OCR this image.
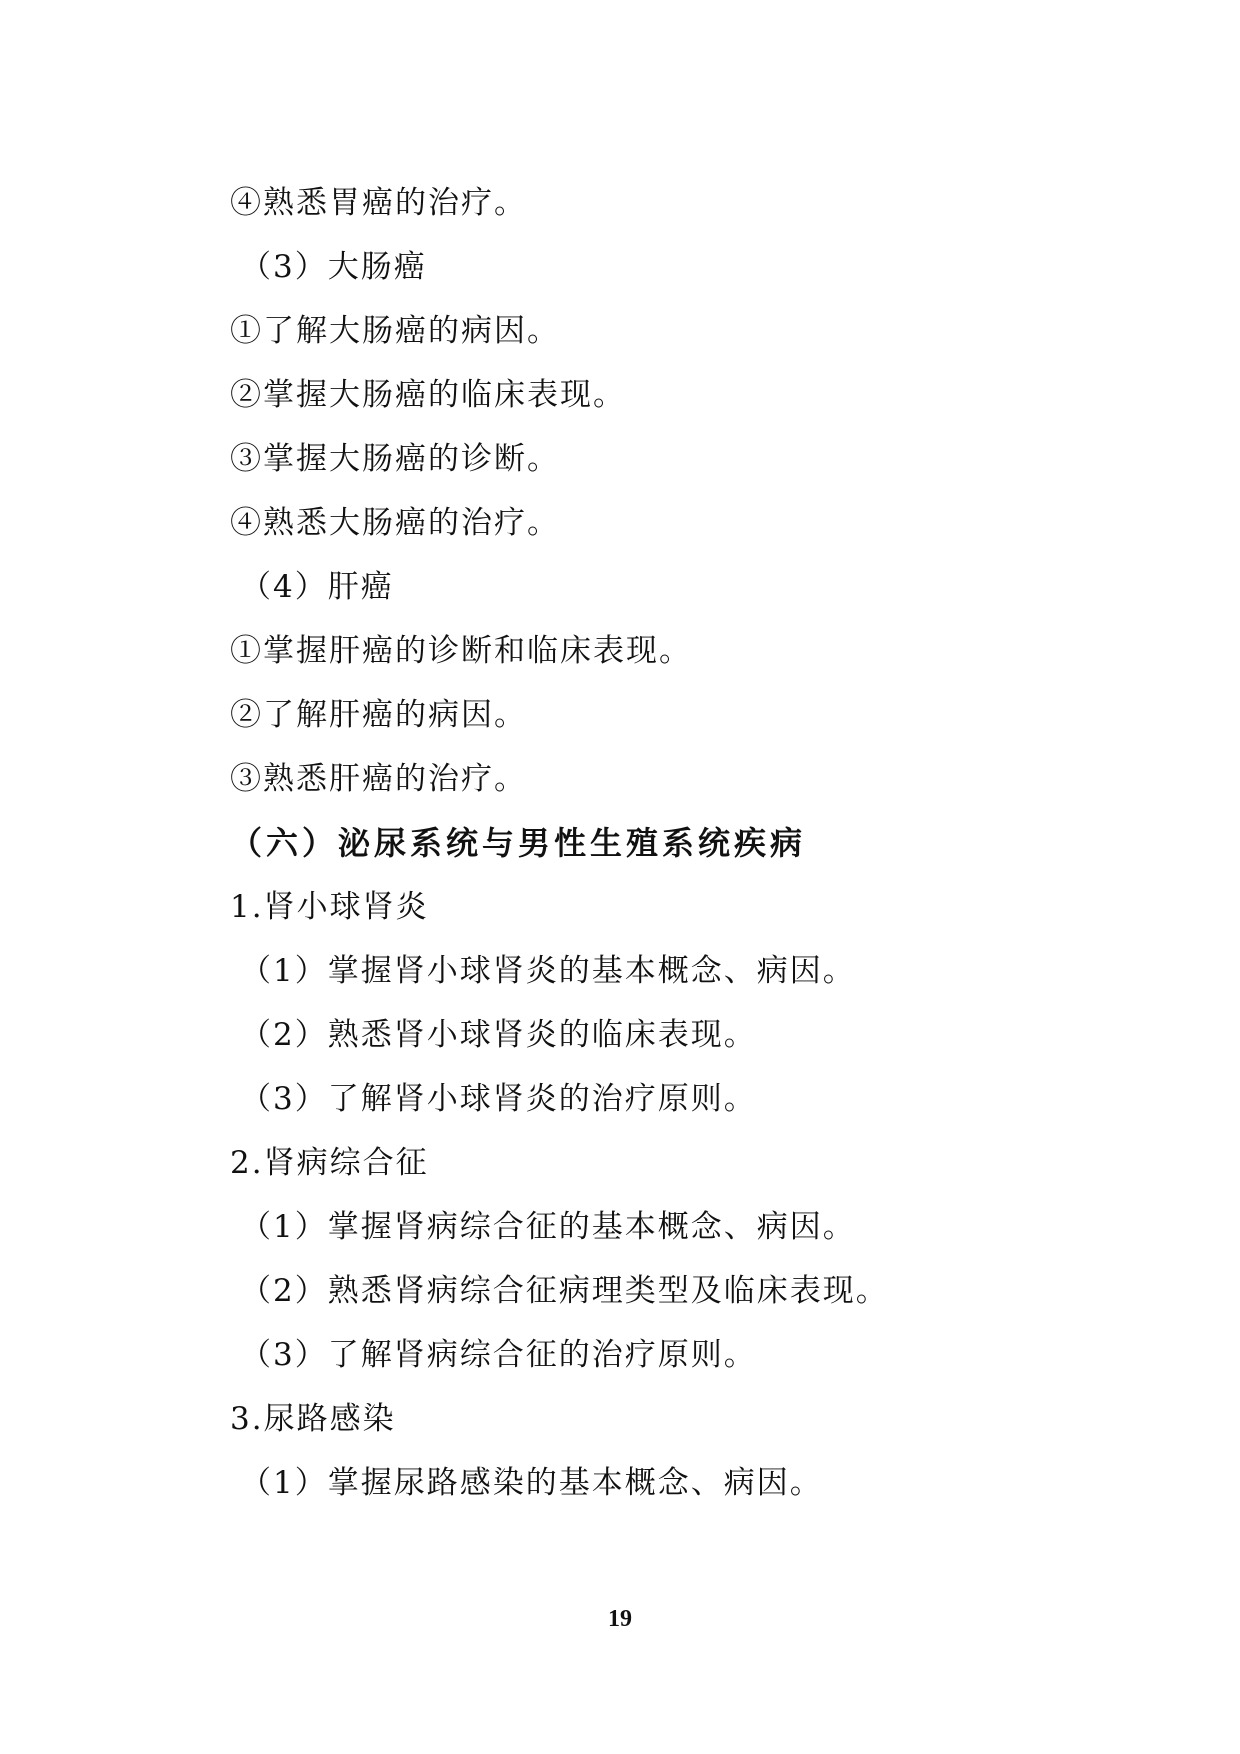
④熟悉胃癌的治疗。
（3）大肠癌
①了解大肠癌的病因。
②掌握大肠癌的临床表现。
③掌握大肠癌的诊断。
④熟悉大肠癌的治疗。
（4）肝癌
①掌握肝癌的诊断和临床表现。
②了解肝癌的病因。
③熟悉肝癌的治疗。
（六）泌尿系统与男性生殖系统疾病
1.肾小球肾炎
（1）掌握肾小球肾炎的基本概念、病因。
（2）熟悉肾小球肾炎的临床表现。
（3）了解肾小球肾炎的治疗原则。
2.肾病综合征
（1）掌握肾病综合征的基本概念、病因。
（2）熟悉肾病综合征病理类型及临床表现。
（3）了解肾病综合征的治疗原则。
3.尿路感染
（1）掌握尿路感染的基本概念、病因。
19
